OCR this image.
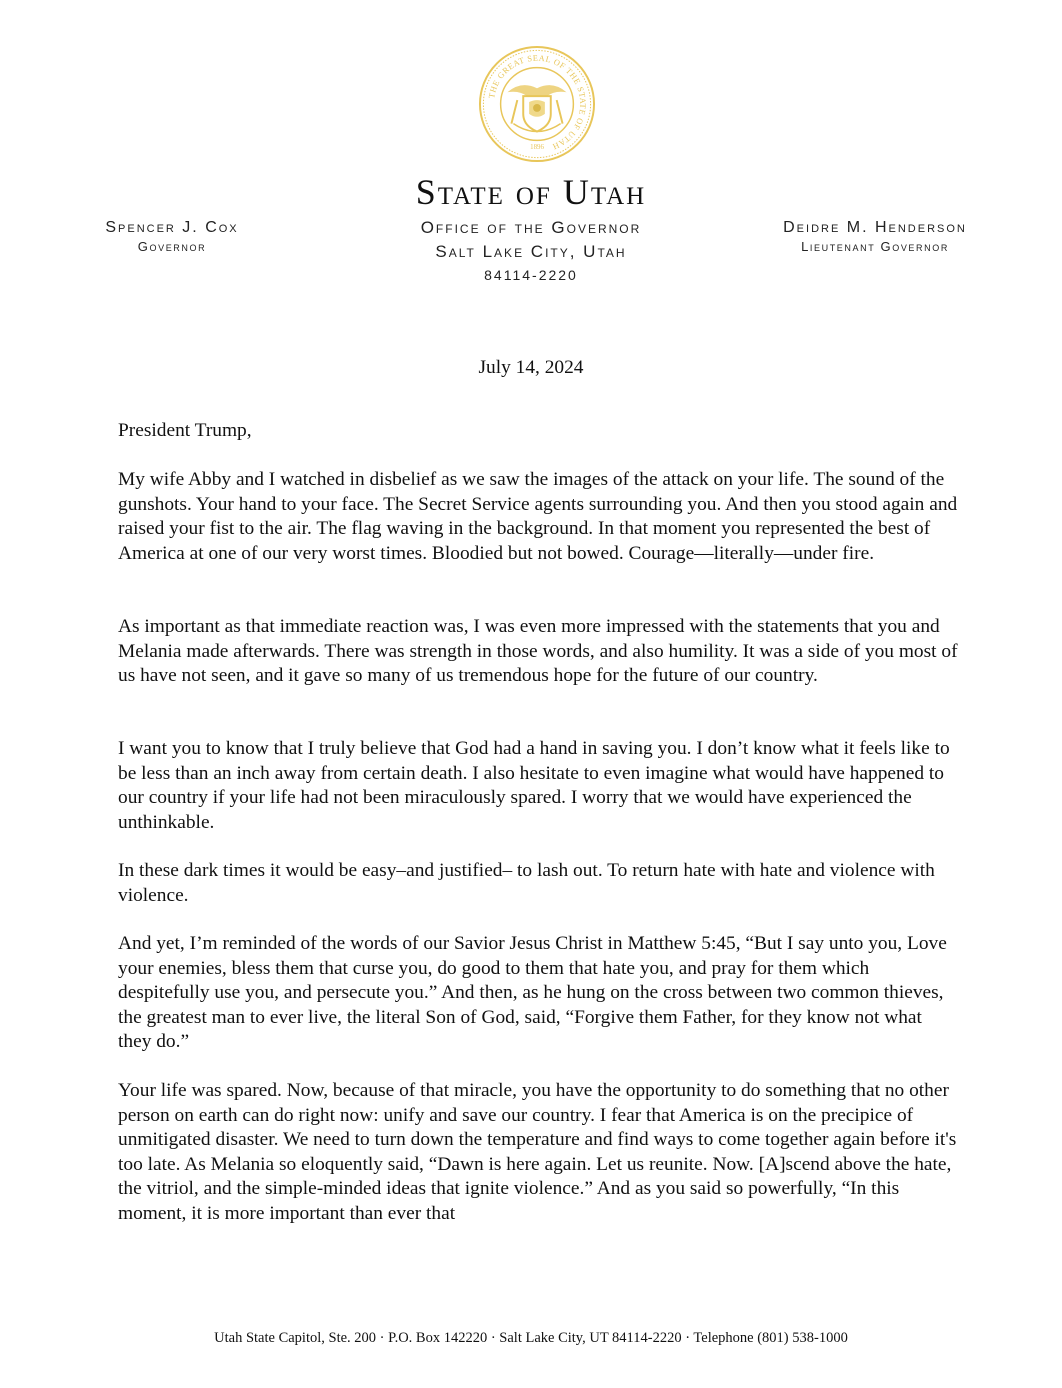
THE GREAT SEAL OF THE STATE OF UTAH
1896
State of Utah
Office of the Governor
Salt Lake City, Utah
84114-2220
Spencer J. Cox
Governor
Deidre M. Henderson
Lieutenant Governor
July 14, 2024
President Trump,

My wife Abby and I watched in disbelief as we saw the images of the attack on your life. The sound of the gunshots. Your hand to your face. The Secret Service agents surrounding you. And then you stood again and raised your fist to the air. The flag waving in the background. In that moment you represented the best of America at one of our very worst times. Bloodied but not bowed. Courage—literally—under fire.

As important as that immediate reaction was, I was even more impressed with the statements that you and Melania made afterwards. There was strength in those words, and also humility. It was a side of you most of us have not seen, and it gave so many of us tremendous hope for the future of our country.

I want you to know that I truly believe that God had a hand in saving you. I don’t know what it feels like to be less than an inch away from certain death. I also hesitate to even imagine what would have happened to our country if your life had not been miraculously spared. I worry that we would have experienced the unthinkable.

In these dark times it would be easy–and justified– to lash out. To return hate with hate and violence with violence.

And yet, I’m reminded of the words of our Savior Jesus Christ in Matthew 5:45, “But I say unto you, Love your enemies, bless them that curse you, do good to them that hate you, and pray for them which despitefully use you, and persecute you.” And then, as he hung on the cross between two common thieves, the greatest man to ever live, the literal Son of God, said, “Forgive them Father, for they know not what they do.”

Your life was spared. Now, because of that miracle, you have the opportunity to do something that no other person on earth can do right now: unify and save our country. I fear that America is on the precipice of unmitigated disaster. We need to turn down the temperature and find ways to come together again before it's too late. As Melania so eloquently said, “Dawn is here again. Let us reunite. Now. [A]scend above the hate, the vitriol, and the simple-minded ideas that ignite violence.” And as you said so powerfully, “In this moment, it is more important than ever that

Utah State Capitol, Ste. 200 · P.O. Box 142220 · Salt Lake City, UT 84114-2220 · Telephone (801) 538-1000
